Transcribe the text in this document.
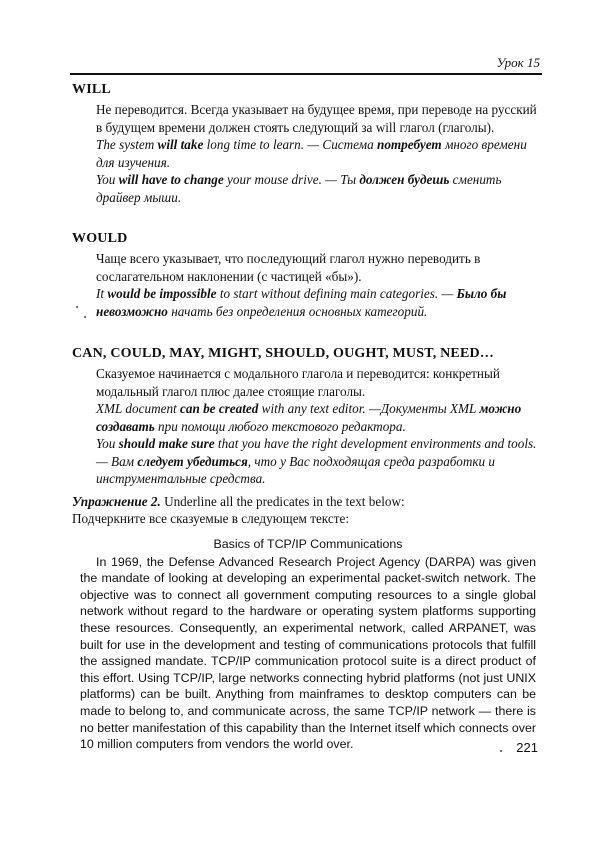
Урок 15
WILL

Не переводится. Всегда указывает на будущее время, при переводе на русский в будущем времени должен стоять следующий за will глагол (глаголы).

The system will take long time to learn. — Система потребует много времени для изучения.

You will have to change your mouse drive. — Ты должен будешь сменить драйвер мыши.

WOULD

Чаще всего указывает, что последующий глагол нужно переводить в сослагательном наклонении (с частицей «бы»).

It would be impossible to start without defining main categories. — Было бы невозможно начать без определения основных категорий.

CAN, COULD, MAY, MIGHT, SHOULD, OUGHT, MUST, NEED…

Сказуемое начинается с модального глагола и переводится: конкретный модальный глагол плюс далее стоящие глаголы.

XML document can be created with any text editor. —Документы XML можно создавать при помощи любого текстового редактора.

You should make sure that you have the right development environments and tools. — Вам следует убедиться, что у Вас подходящая среда разработки и инструментальные средства.

Упражнение 2. Underline all the predicates in the text below:

Подчеркните все сказуемые в следующем тексте:

Basics of TCP/IP Communications

In 1969, the Defense Advanced Research Project Agency (DARPA) was given the mandate of looking at developing an experimental packet-switch network. The objective was to connect all government computing resources to a single global network without regard to the hardware or operating system platforms supporting these resources. Consequently, an experimental network, called ARPANET, was built for use in the development and testing of communications protocols that fulfill the assigned mandate. TCP/IP communication protocol suite is a direct product of this effort. Using TCP/IP, large networks connecting hybrid platforms (not just UNIX platforms) can be built. Anything from mainframes to desktop computers can be made to belong to, and communicate across, the same TCP/IP network — there is no better manifestation of this capability than the Internet itself which connects over 10 million computers from vendors the world over.	221
